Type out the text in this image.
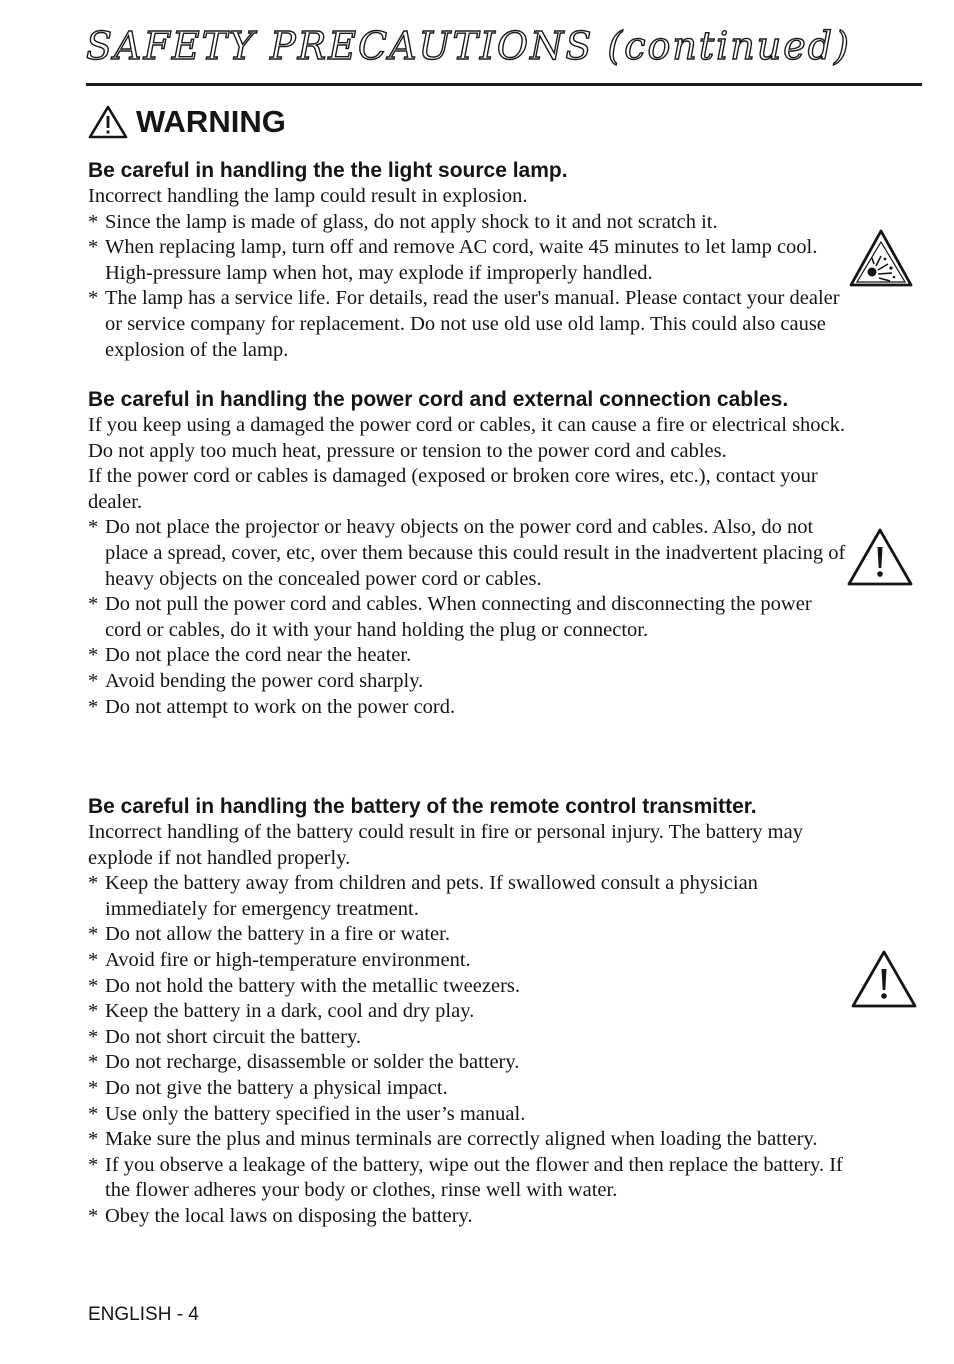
SAFETY PRECAUTIONS (continued)
WARNING
Be careful in handling the the light source lamp.

Incorrect handling the lamp could result in explosion.

* Since the lamp is made of glass, do not apply shock to it and not scratch it.
* When replacing lamp, turn off and remove AC cord, waite 45 minutes to let lamp cool. High-pressure lamp when hot, may explode if improperly handled.
* The lamp has a service life. For details, read the user's manual. Please contact your dealer or service company for replacement. Do not use old use old lamp. This could also cause explosion of the lamp.
Be careful in handling the power cord and external connection cables.

If you keep using a damaged the power cord or cables, it can cause a fire or electrical shock. Do not apply too much heat, pressure or tension to the power cord and cables.

If the power cord or cables is damaged (exposed or broken core wires, etc.), contact your dealer.

* Do not place the projector or heavy objects on the power cord and cables. Also, do not place a spread, cover, etc, over them because this could result in the inadvertent placing of heavy objects on the concealed power cord or cables.
* Do not pull the power cord and cables. When connecting and disconnecting the power cord or cables, do it with your hand holding the plug or connector.
* Do not place the cord near the heater.
* Avoid bending the power cord sharply.
* Do not attempt to work on the power cord.
Be careful in handling the battery of the remote control transmitter.

Incorrect handling of the battery could result in fire or personal injury. The battery may explode if not handled properly.

* Keep the battery away from children and pets. If swallowed consult a physician immediately for emergency treatment.
* Do not allow the battery in a fire or water.
* Avoid fire or high-temperature environment.
* Do not hold the battery with the metallic tweezers.
* Keep the battery in a dark, cool and dry play.
* Do not short circuit the battery.
* Do not recharge, disassemble or solder the battery.
* Do not give the battery a physical impact.
* Use only the battery specified in the user’s manual.
* Make sure the plus and minus terminals are correctly aligned when loading the battery.
* If you observe a leakage of the battery, wipe out the flower and then replace the battery. If the flower adheres your body or clothes, rinse well with water.
* Obey the local laws on disposing the battery.
ENGLISH - 4
